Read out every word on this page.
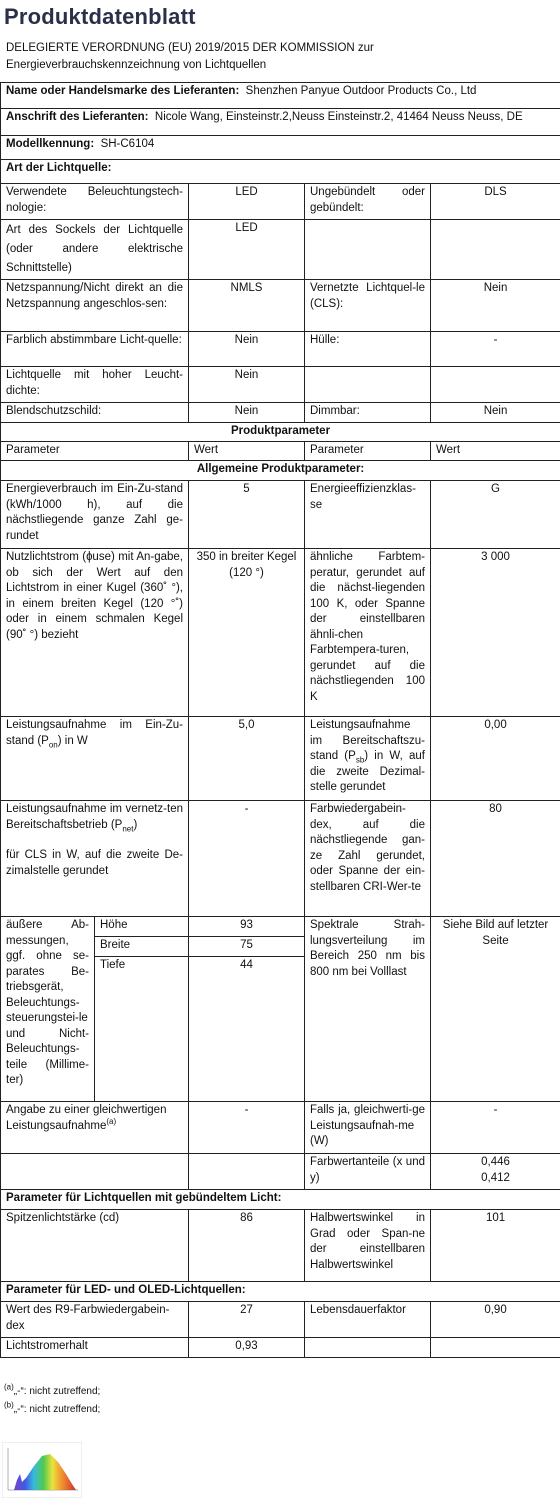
Produktdatenblatt
DELEGIERTE VERORDNUNG (EU) 2019/2015 DER KOMMISSION zur Energieverbrauchskennzeichnung von Lichtquellen
Name oder Handelsmarke des Lieferanten: Shenzhen Panyue Outdoor Products Co., Ltd				
Anschrift des Lieferanten: Nicole Wang, Einsteinstr.2,Neuss Einsteinstr.2, 41464 Neuss Neuss, DE				
Modellkennung: SH-C6104				
Art der Lichtquelle:				
Verwendete Beleuchtungstech-nologie:		LED	Ungebündelt oder gebündelt:	DLS
Art des Sockels der Lichtquelle (oder andere elektrische Schnittstelle)		LED		
Netzspannung/Nicht direkt an die Netzspannung angeschlos-sen:		NMLS	Vernetzte Lichtquel-le (CLS):	Nein
Farblich abstimmbare Licht-quelle:		Nein	Hülle:	-
Lichtquelle mit hoher Leucht-dichte:		Nein		
Blendschutzschild:		Nein	Dimmbar:	Nein
Produktparameter				
Parameter		Wert	Parameter	Wert
Allgemeine Produktparameter:				
Energieverbrauch im Ein-Zu-stand (kWh/1000 h), auf die nächstliegende ganze Zahl ge-rundet		5	Energieeffizienzklas-se	G
Nutzlichtstrom (ɸuse) mit An-gabe, ob sich der Wert auf den Lichtstrom in einer Kugel (360˚ °), in einem breiten Kegel (120 °˚) oder in einem schmalen Kegel (90˚ °) bezieht		350 in breiter Kegel (120 °)	ähnliche Farbtem-peratur, gerundet auf die nächst-liegenden 100 K, oder Spanne der einstellbaren ähnli-chen Farbtempera-turen, gerundet auf die nächstliegenden 100 K	3 000
Leistungsaufnahme im Ein-Zu-stand $(P_{on})$ in W		5,0	Leistungsaufnahme im Bereitschaftszu-stand $(P_{sb})$ in W, auf die zweite Dezimal-stelle gerundet	0,00

Leistungsaufnahme im vernetz-ten Bereitschaftsbetrieb $(P_{net})$
für CLS in W, auf die zweite De-zimalstelle gerundet		-	Farbwiedergabein-dex, auf die nächstliegende gan-ze Zahl gerundet, oder Spanne der ein-stellbaren CRI-Wer-te	80
äußere Ab-messungen, ggf. ohne se-parates Be-triebsgerät, Beleuchtungs-steuerungstei-le und Nicht-Beleuchtungs-teile (Millime-ter)	Höhe	93	Spektrale Strah-lungsverteilung im Bereich 250 nm bis 800 nm bei Volllast	Siehe Bild auf letzter Seite
	Breite	75		
	Tiefe	44		
Angabe zu einer gleichwertigen Leistungsaufnahme$^{(a)}$		-	Falls ja, gleichwerti-ge Leistungsaufnah-me (W)	-
			Farbwertanteile (x und y)	0,446
0,412

Parameter für Lichtquellen mit gebündeltem Licht:				
Spitzenlichtstärke (cd)		86	Halbwertswinkel in Grad oder Span-ne der einstellbaren Halbwertswinkel	101
Parameter für LED- und OLED-Lichtquellen:				
Wert des R9-Farbwiedergabein-dex		27	Lebensdauerfaktor	0,90
Lichtstromerhalt		0,93		
$^{(a)}$„-“: nicht zutreffend;
$^{(b)}$„-“: nicht zutreffend;
